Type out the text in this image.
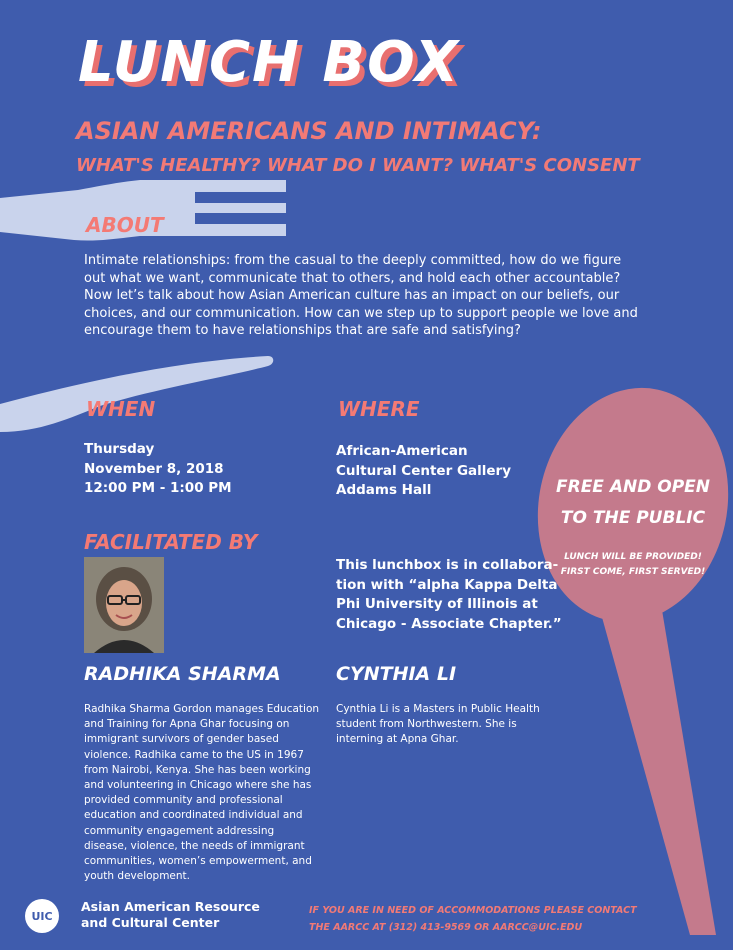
LUNCH BOX
ASIAN AMERICANS AND INTIMACY:
WHAT'S HEALTHY? WHAT DO I WANT? WHAT'S CONSENT
ABOUT
Intimate relationships: from the casual to the deeply committed, how do we figure out what we want, communicate that to others, and hold each other accountable? Now let’s talk about how Asian American culture has an impact on our beliefs, our choices, and our communication. How can we step up to support people we love and encourage them to have relationships that are safe and satisfying?
WHEN
Thursday
November 8, 2018
12:00 PM - 1:00 PM
WHERE
African-American
Cultural Center Gallery
Addams Hall	FREE AND OPEN
TO THE PUBLIC
LUNCH WILL BE PROVIDED!
FIRST COME, FIRST SERVED!
FACILITATED BY
This lunchbox is in collabora-
tion with “alpha Kappa Delta
Phi University of Illinois at
Chicago - Associate Chapter.”
RADHIKA SHARMA
Radhika Sharma Gordon manages Education and Training for Apna Ghar focusing on immigrant survivors of gender based violence. Radhika came to the US in 1967 from Nairobi, Kenya. She has been working and volunteering in Chicago where she has provided community and professional education and coordinated individual and community engagement addressing disease, violence, the needs of immigrant communities, women’s empowerment, and youth development.
CYNTHIA LI
Cynthia Li is a Masters in Public Health student from Northwestern. She is interning at Apna Ghar.
UIC
Asian American Resource
and Cultural Center
IF YOU ARE IN NEED OF ACCOMMODATIONS PLEASE CONTACT
THE AARCC AT (312) 413-9569 OR AARCC@UIC.EDU
